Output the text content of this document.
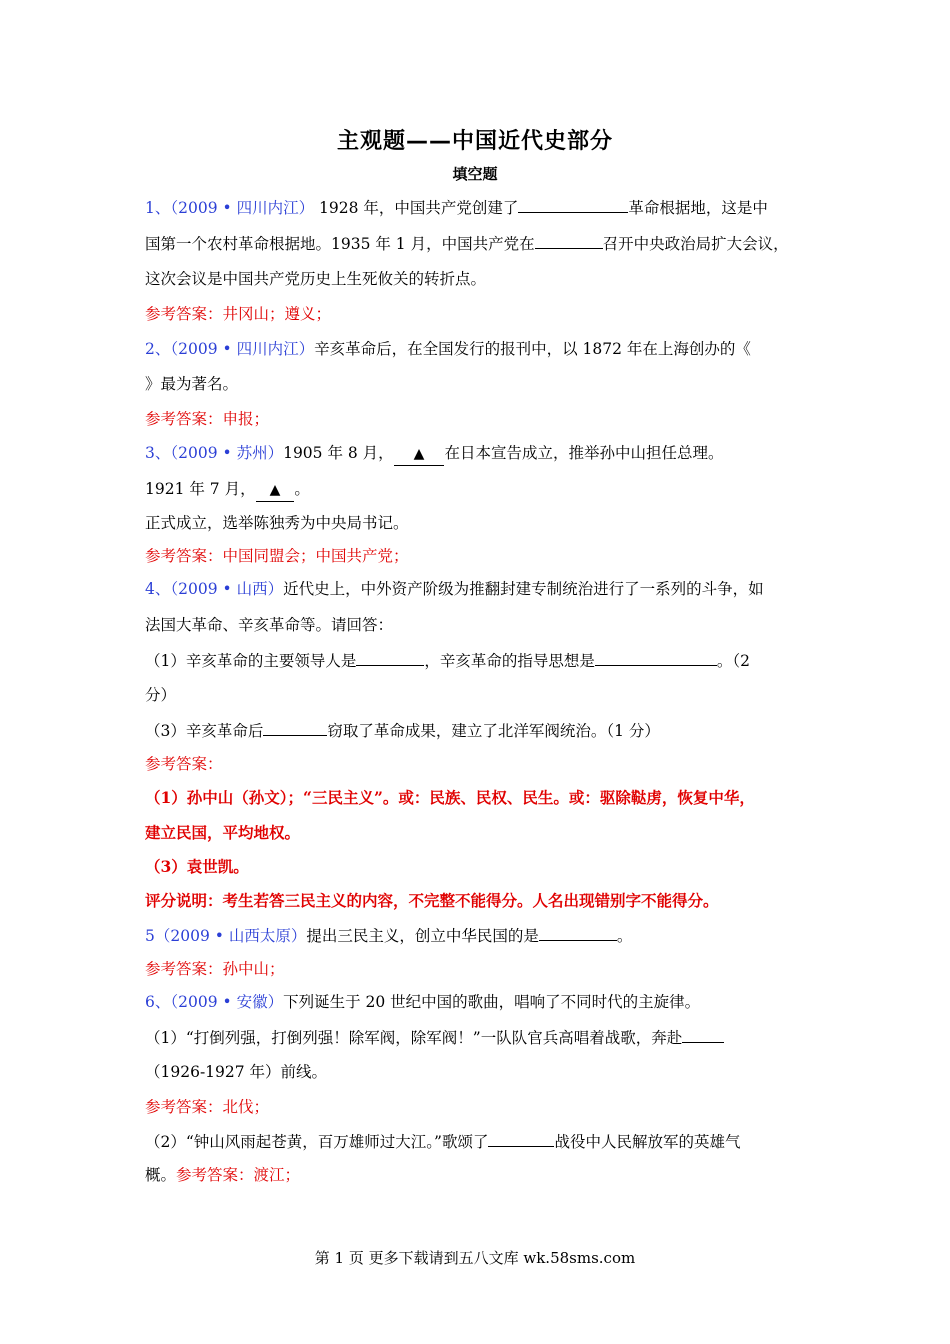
主观题——中国近代史部分
填空题
1、（2009 • 四川内江） 1928 年，中国共产党创建了	革命根据地，这是中
国第一个农村革命根据地。1935 年 1 月，中国共产党在	召开中央政治局扩大会议，
这次会议是中国共产党历史上生死攸关的转折点。
参考答案：井冈山；遵义；
2、（2009 • 四川内江）辛亥革命后，在全国发行的报刊中，以 1872 年在上海创办的《
》最为著名。
参考答案：申报；
3、（2009 • 苏州）1905 年 8 月， ▲ 在日本宣告成立，推举孙中山担任总理。
1921 年 7 月， ▲ 。
正式成立，选举陈独秀为中央局书记。
参考答案：中国同盟会；中国共产党；
4、（2009 • 山西）近代史上，中外资产阶级为推翻封建专制统治进行了一系列的斗争，如
法国大革命、辛亥革命等。请回答：
（1）辛亥革命的主要领导人是	，辛亥革命的指导思想是	。（2
分）
（3）辛亥革命后	窃取了革命成果，建立了北洋军阀统治。（1 分）
参考答案：
（1）孙中山（孙文）；“三民主义”。或：民族、民权、民生。或：驱除鞑虏，恢复中华，
建立民国，平均地权。
（3）袁世凯。
评分说明：考生若答三民主义的内容，不完整不能得分。人名出现错别字不能得分。
5（2009 • 山西太原）提出三民主义，创立中华民国的是	。
参考答案：孙中山；
6、（2009 • 安徽）下列诞生于 20 世纪中国的歌曲，唱响了不同时代的主旋律。
（1）“打倒列强，打倒列强！除军阀，除军阀！”一队队官兵高唱着战歌，奔赴
（1926-1927 年）前线。
参考答案：北伐；
（2）“钟山风雨起苍黄，百万雄师过大江。”歌颂了	战役中人民解放军的英雄气
概。参考答案：渡江；
第 1 页 更多下载请到五八文库 wk.58sms.com
